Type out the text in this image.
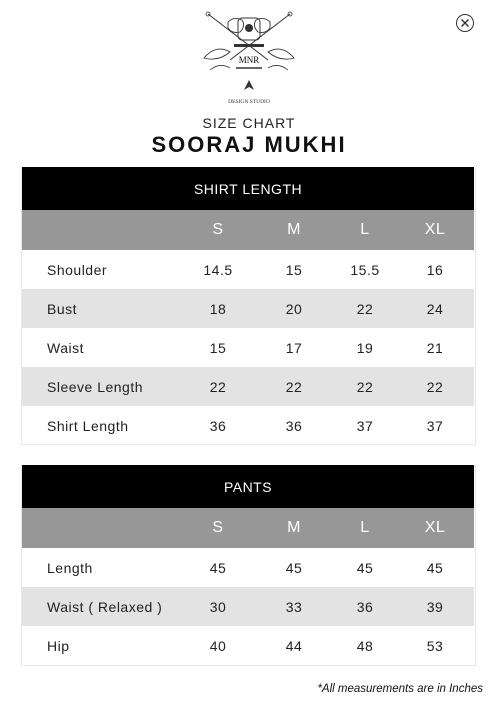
MNR
DESIGN STUDIO
SIZE CHART
SOORAJ MUKHI
SHIRT LENGTH				
	S	M	L	XL
Shoulder	14.5	15	15.5	16
Bust	18	20	22	24
Waist	15	17	19	21
Sleeve Length	22	22	22	22
Shirt Length	36	36	37	37
PANTS				
	S	M	L	XL
Length	45	45	45	45
Waist ( Relaxed )	30	33	36	39
Hip	40	44	48	53
*All measurements are in Inches
